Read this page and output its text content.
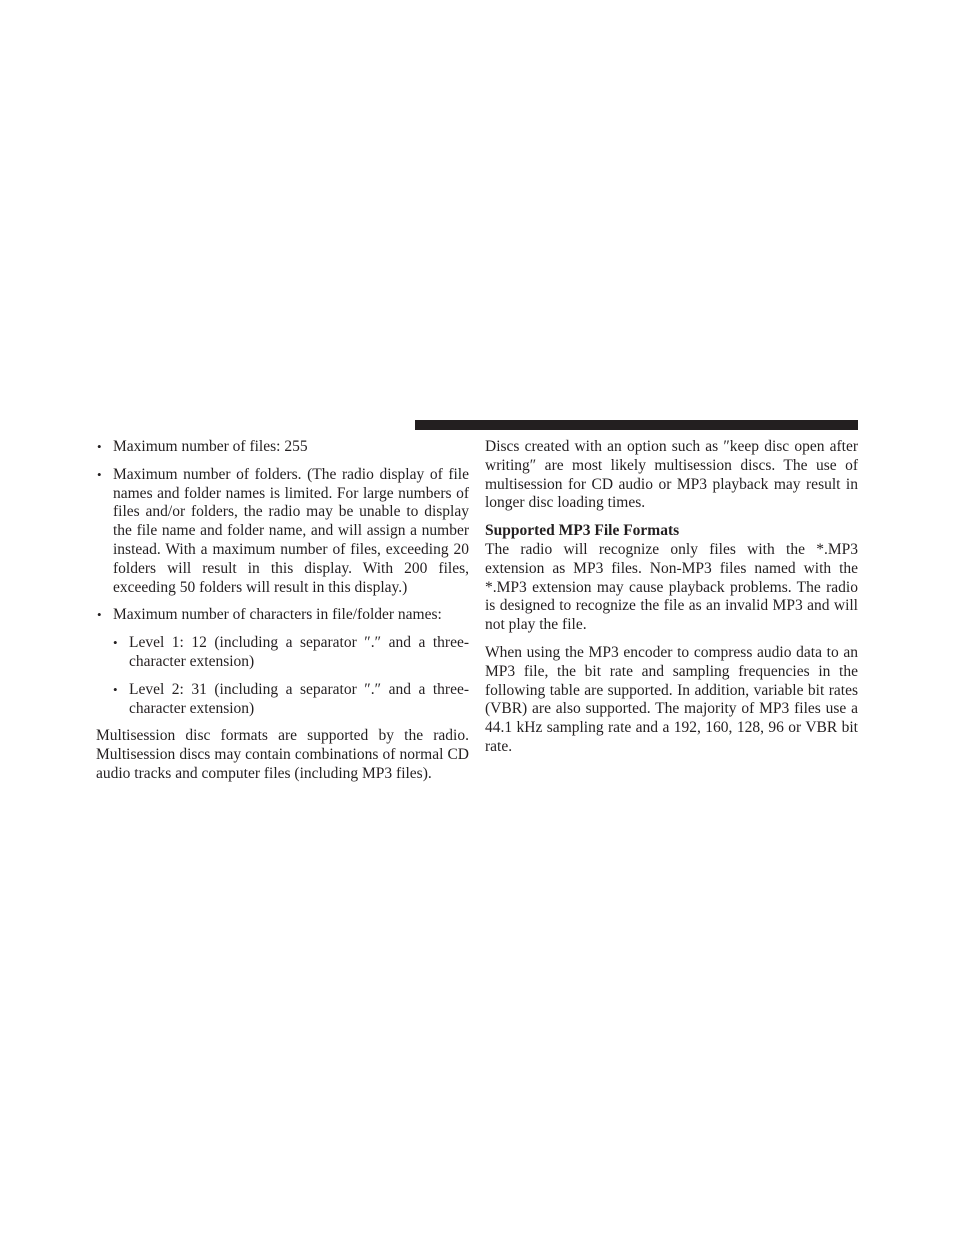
• Maximum number of files: 255
• Maximum number of folders. (The radio display of file names and folder names is limited. For large numbers of files and/or folders, the radio may be unable to display the file name and folder name, and will assign a number instead. With a maximum number of files, exceeding 20 folders will result in this display. With 200 files, exceeding 50 folders will result in this display.)
• Maximum number of characters in file/folder names:
• Level 1: 12 (including a separator ″.″ and a three-character extension)
• Level 2: 31 (including a separator ″.″ and a three-character extension)

Multisession disc formats are supported by the radio. Multisession discs may contain combinations of normal CD audio tracks and computer files (including MP3 files).

Discs created with an option such as ″keep disc open after writing″ are most likely multisession discs. The use of multisession for CD audio or MP3 playback may result in longer disc loading times.

Supported MP3 File Formats

The radio will recognize only files with the *.MP3 extension as MP3 files. Non-MP3 files named with the *.MP3 extension may cause playback problems. The radio is designed to recognize the file as an invalid MP3 and will not play the file.

When using the MP3 encoder to compress audio data to an MP3 file, the bit rate and sampling frequencies in the following table are supported. In addition, variable bit rates (VBR) are also supported. The majority of MP3 files use a 44.1 kHz sampling rate and a 192, 160, 128, 96 or VBR bit rate.
